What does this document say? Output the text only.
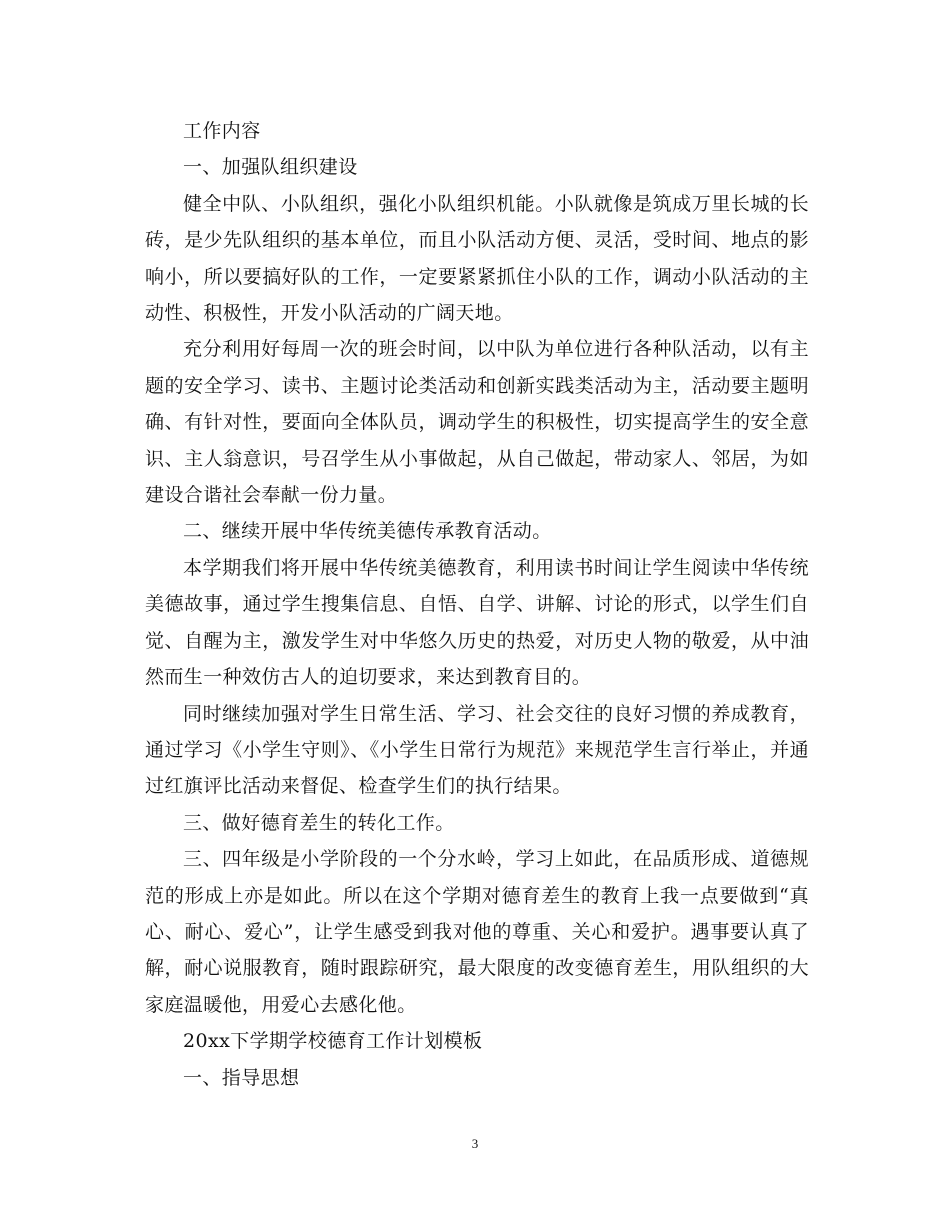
工作内容

一、加强队组织建设

健全中队、小队组织，强化小队组织机能。小队就像是筑成万里长城的长砖，是少先队组织的基本单位，而且小队活动方便、灵活，受时间、地点的影响小，所以要搞好队的工作，一定要紧紧抓住小队的工作，调动小队活动的主动性、积极性，开发小队活动的广阔天地。

充分利用好每周一次的班会时间，以中队为单位进行各种队活动，以有主题的安全学习、读书、主题讨论类活动和创新实践类活动为主，活动要主题明确、有针对性，要面向全体队员，调动学生的积极性，切实提高学生的安全意识、主人翁意识，号召学生从小事做起，从自己做起，带动家人、邻居，为如建设合谐社会奉献一份力量。

二、继续开展中华传统美德传承教育活动。

本学期我们将开展中华传统美德教育，利用读书时间让学生阅读中华传统美德故事，通过学生搜集信息、自悟、自学、讲解、讨论的形式，以学生们自觉、自醒为主，激发学生对中华悠久历史的热爱，对历史人物的敬爱，从中油然而生一种效仿古人的迫切要求，来达到教育目的。

同时继续加强对学生日常生活、学习、社会交往的良好习惯的养成教育，通过学习《小学生守则》、《小学生日常行为规范》来规范学生言行举止，并通过红旗评比活动来督促、检查学生们的执行结果。

三、做好德育差生的转化工作。

三、四年级是小学阶段的一个分水岭，学习上如此，在品质形成、道德规范的形成上亦是如此。所以在这个学期对德育差生的教育上我一点要做到“真心、耐心、爱心”，让学生感受到我对他的尊重、关心和爱护。遇事要认真了解，耐心说服教育，随时跟踪研究，最大限度的改变德育差生，用队组织的大家庭温暖他，用爱心去感化他。

20xx下学期学校德育工作计划模板

一、指导思想

3
